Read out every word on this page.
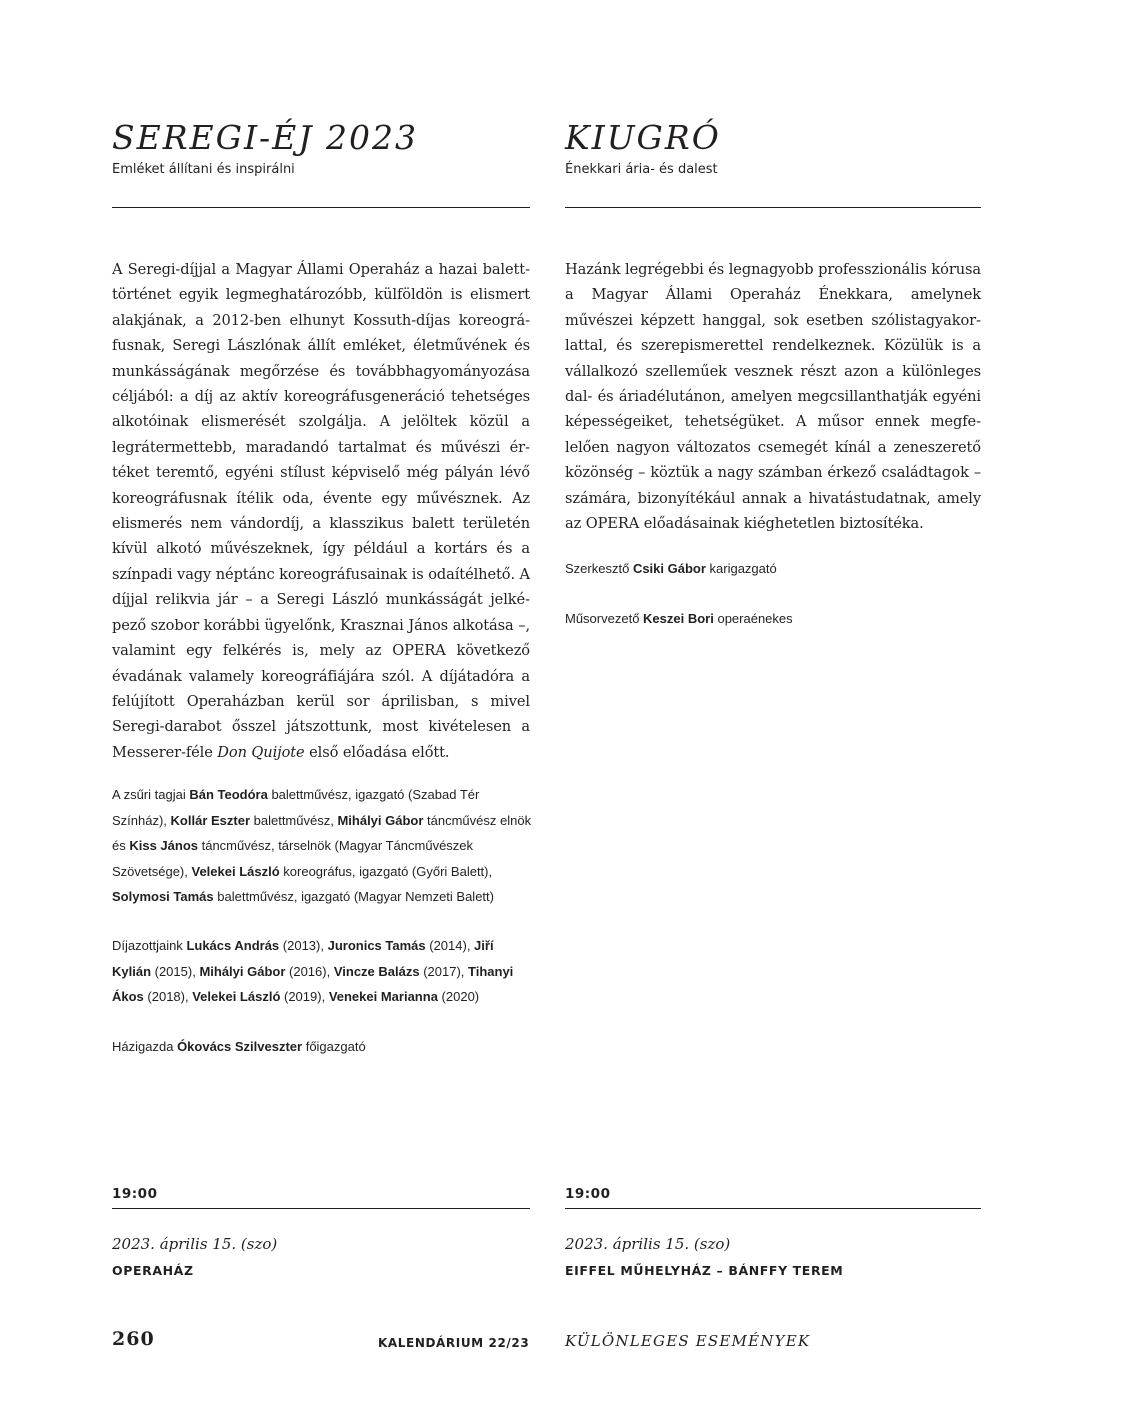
SEREGI-ÉJ 2023

Emléket állítani és inspirálni

A Seregi-díjjal a Magyar Állami Operaház a hazai baletttörténet egyik legmeghatározóbb, külföldön is elismert alakjának, a 2012-ben elhunyt Kossuth-díjas koreográfusnak, Seregi Lászlónak állít emléket, életművének és munkásságának megőrzése és továbbhagyományozása céljából: a díj az aktív koreográfusgeneráció tehetséges alkotóinak elismerését szolgálja. A jelöltek közül a legrátermettebb, maradandó tartalmat és művészi értéket teremtő, egyéni stílust képviselő még pályán lévő koreográfusnak ítélik oda, évente egy művésznek. Az elismerés nem vándordíj, a klasszikus balett területén kívül alkotó művészeknek, így például a kortárs és a színpadi vagy néptánc koreográfusainak is odaítélhető. A díjjal relikvia jár – a Seregi László munkásságát jelképező szobor korábbi ügyelőnk, Krasznai János alkotása –, valamint egy felkérés is, mely az OPERA következő évadának valamely koreográfiájára szól. A díjátadóra a felújított Operaházban kerül sor áprilisban, s mivel Seregi-darabot ősszel játszottunk, most kivételesen a Messerer-féle Don Quijote első előadása előtt.

A zsűri tagjai Bán Teodóra balettművész, igazgató (Szabad Tér Színház), Kollár Eszter balettművész, Mihályi Gábor táncművész elnök és Kiss János táncművész, társelnök (Magyar Táncművészek Szövetsége), Velekei László koreográfus, igazgató (Győri Balett), Solymosi Tamás balettművész, igazgató (Magyar Nemzeti Balett)

Díjazottjaink Lukács András (2013), Juronics Tamás (2014), Jiří Kylián (2015), Mihályi Gábor (2016), Vincze Balázs (2017), Tihanyi Ákos (2018), Velekei László (2019), Venekei Marianna (2020)

Házigazda Ókovács Szilveszter főigazgató

19:00
2023. április 15. (szo)
OPERAHÁZ
KIUGRÓ

Énekkari ária- és dalest

Hazánk legrégebbi és legnagyobb professzionális kórusa a Magyar Állami Operaház Énekkara, amelynek művészei képzett hanggal, sok esetben szólistagyakorlattal, és szerepismerettel rendelkeznek. Közülük is a vállalkozó szelleműek vesznek részt azon a különleges dal- és áriadélutánon, amelyen megcsillanthatják egyéni képességeiket, tehetségüket. A műsor ennek megfelelően nagyon változatos csemegét kínál a zeneszerető közönség – köztük a nagy számban érkező családtagok – számára, bizonyítékául annak a hivatástudatnak, amely az OPERA előadásainak kiéghetetlen biztosítéka.

Szerkesztő Csiki Gábor karigazgató

Műsorvezető Keszei Bori operaénekes

19:00
2023. április 15. (szo)
EIFFEL MŰHELYHÁZ – BÁNFFY TEREM
260	KALENDÁRIUM 22/23 KÜLÖNLEGES ESEMÉNYEK
